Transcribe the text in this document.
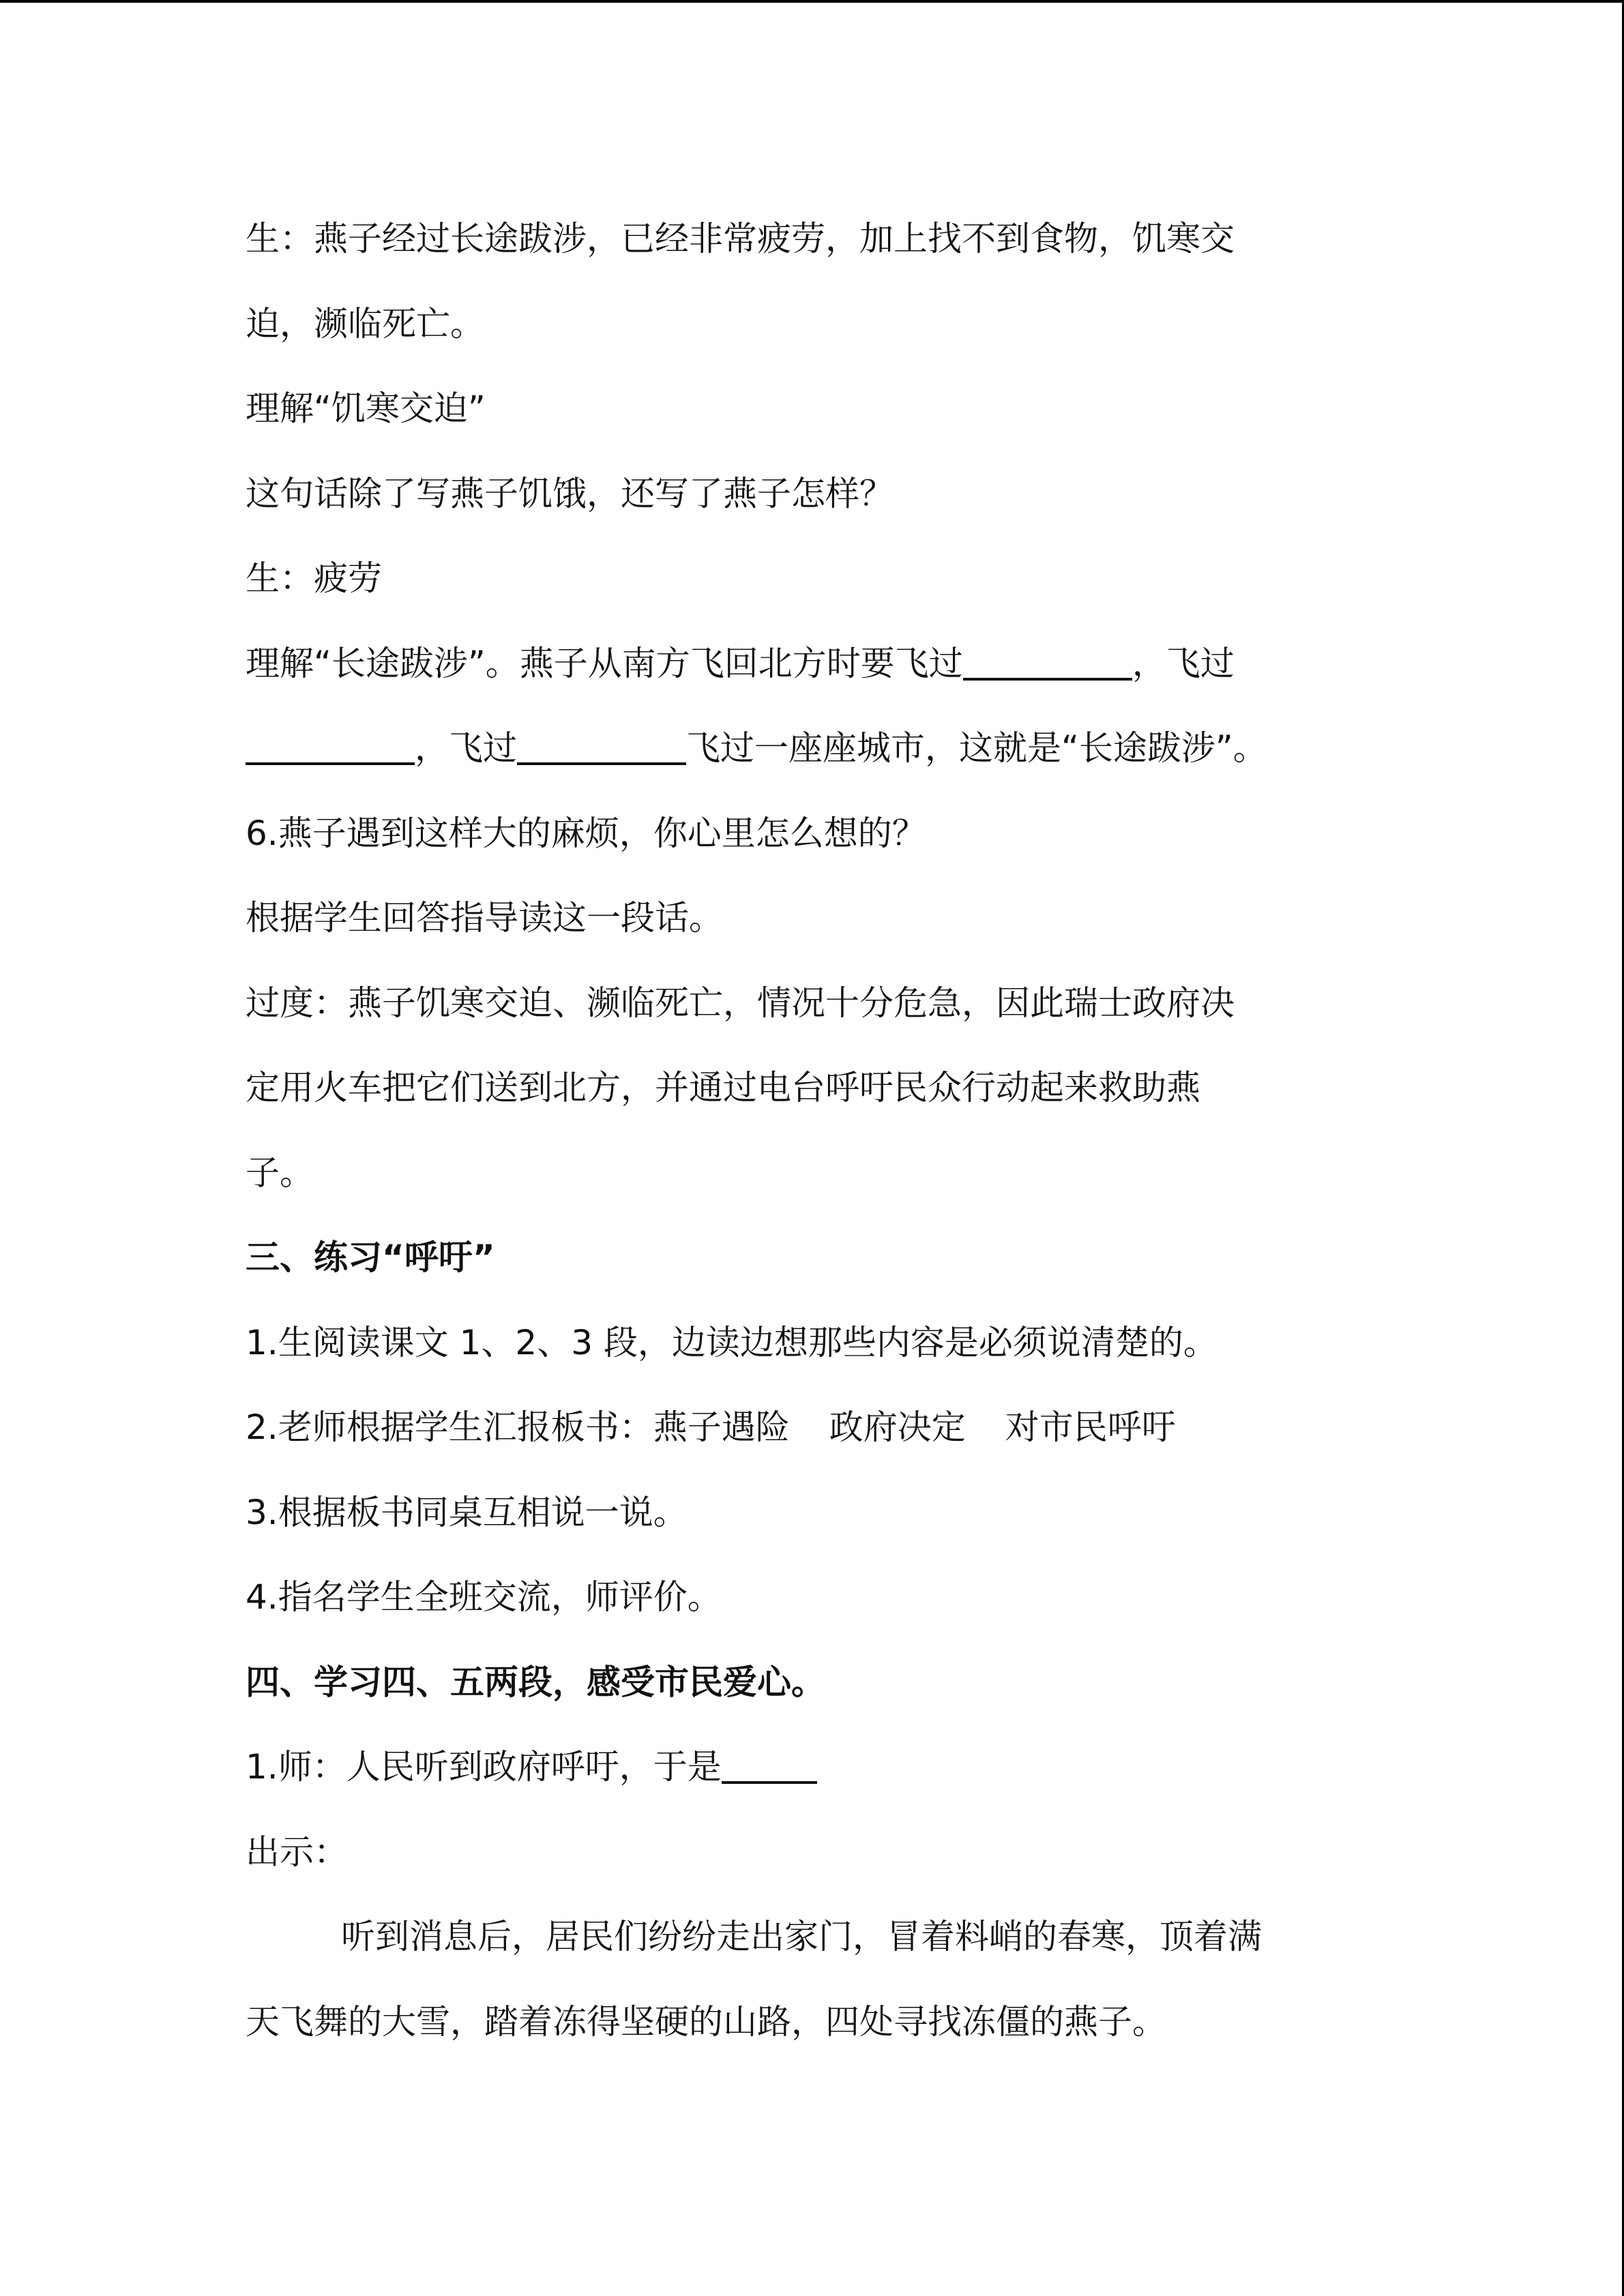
生：燕子经过长途跋涉，已经非常疲劳，加上找不到食物，饥寒交
迫，濒临死亡。
理解“饥寒交迫”
这句话除了写燕子饥饿，还写了燕子怎样？
生：疲劳
理解“长途跋涉”。燕子从南方飞回北方时要飞过	，飞过
，飞过	飞过一座座城市，这就是“长途跋涉”。
6.燕子遇到这样大的麻烦，你心里怎么想的？
根据学生回答指导读这一段话。
过度：燕子饥寒交迫、濒临死亡，情况十分危急，因此瑞士政府决
定用火车把它们送到北方，并通过电台呼吁民众行动起来救助燕
子。
三、练习“呼吁”
1.生阅读课文 1、2、3 段，边读边想那些内容是必须说清楚的。
2.老师根据学生汇报板书：燕子遇险 政府决定 对市民呼吁
3.根据板书同桌互相说一说。
4.指名学生全班交流，师评价。
四、学习四、五两段，感受市民爱心。
1.师：人民听到政府呼吁，于是
出示：
听到消息后，居民们纷纷走出家门，冒着料峭的春寒，顶着满
天飞舞的大雪，踏着冻得坚硬的山路，四处寻找冻僵的燕子。
